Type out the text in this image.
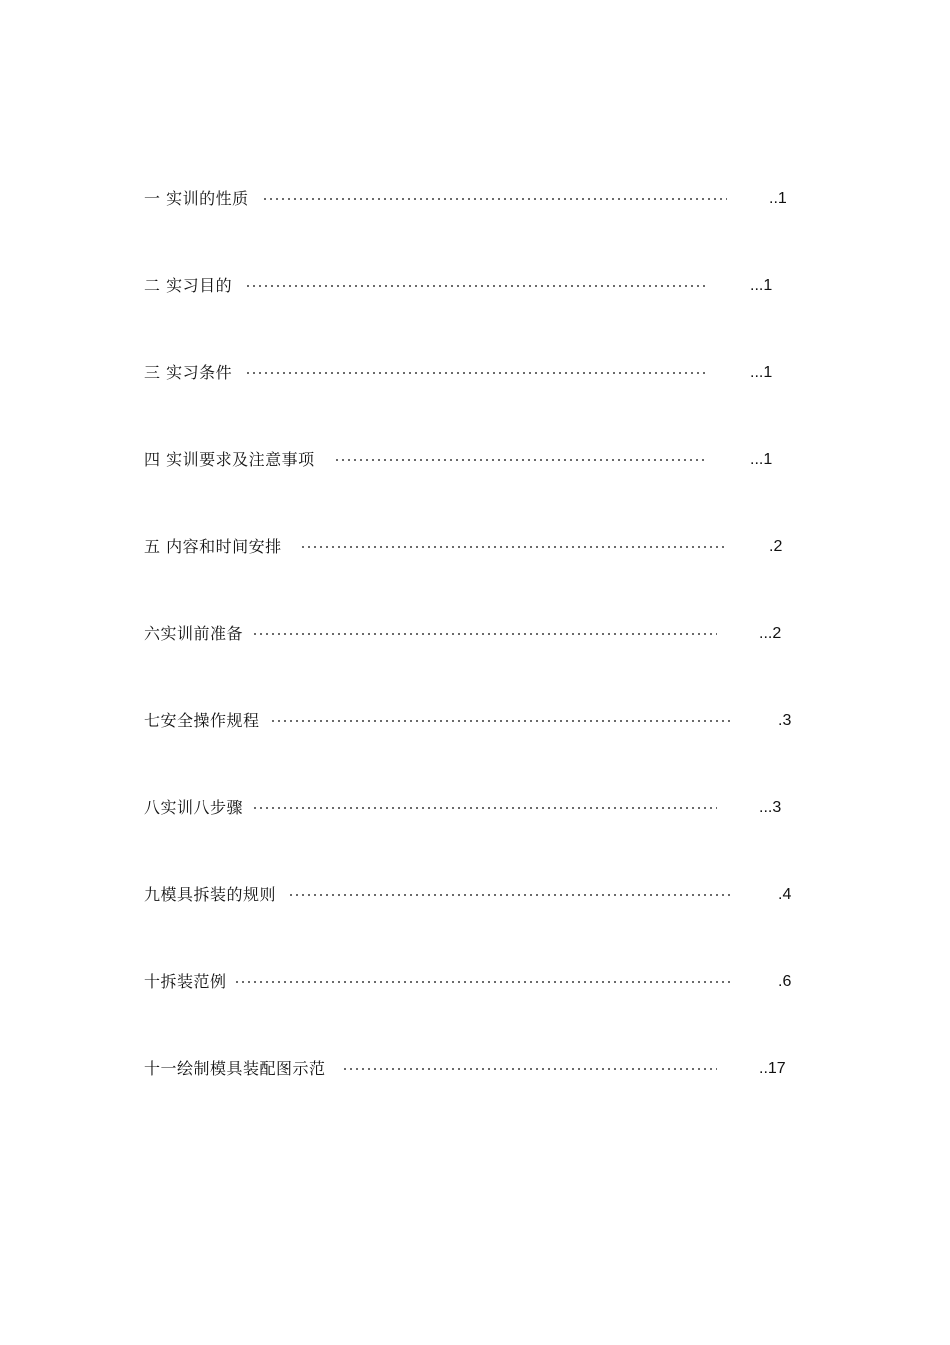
一 实训的性质	..1
二 实习目的	...1
三 实习条件	...1
四 实训要求及注意事项	...1
五 内容和时间安排	.2
六实训前准备	...2
七安全操作规程	.3
八实训八步骤	...3
九模具拆装的规则	.4
十拆装范例	.6
十一绘制模具装配图示范	..17
